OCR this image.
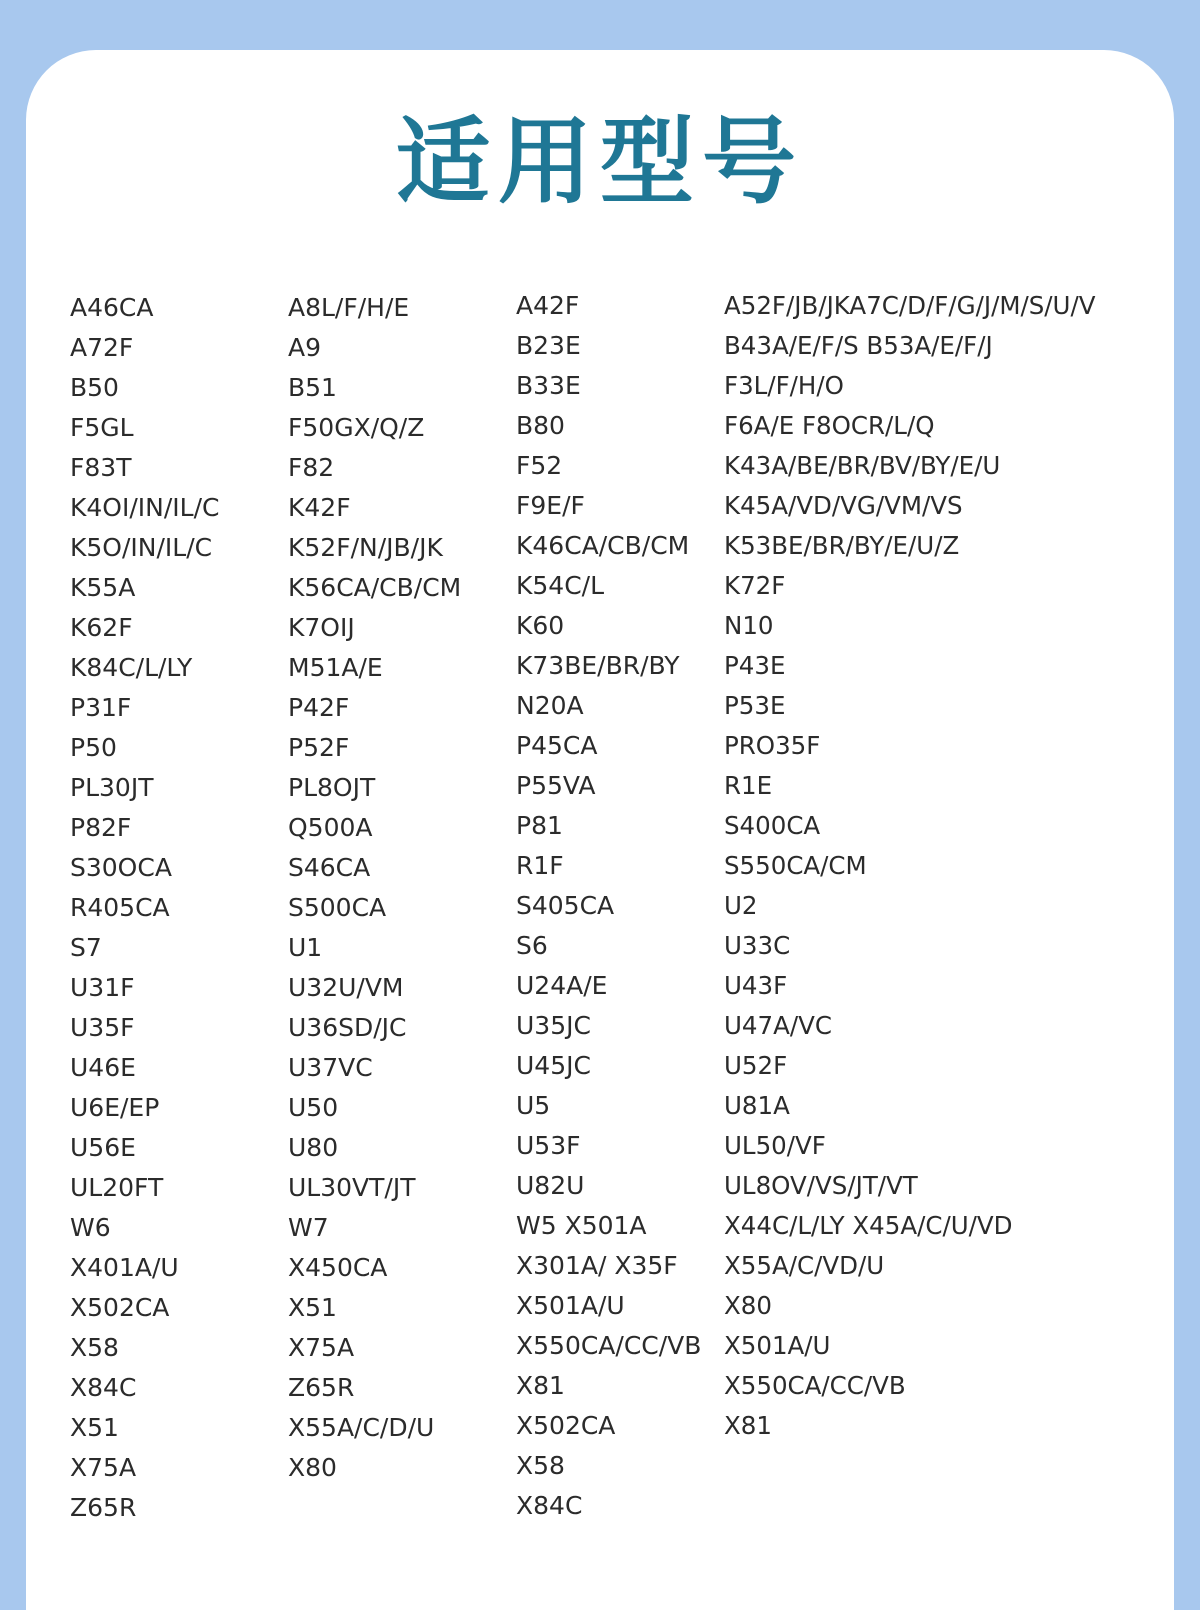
适用型号
A46CA
A72F
B50
F5GL
F83T
K4OI/IN/IL/C
K5O/IN/IL/C
K55A
K62F
K84C/L/LY
P31F
P50
PL30JT
P82F
S30OCA
R405CA
S7
U31F
U35F
U46E
U6E/EP
U56E
UL20FT
W6
X401A/U
X502CA
X58
X84C
X51
X75A
Z65R
A8L/F/H/E
A9
B51
F50GX/Q/Z
F82
K42F
K52F/N/JB/JK
K56CA/CB/CM
K7OIJ
M51A/E
P42F
P52F
PL8OJT
Q500A
S46CA
S500CA
U1
U32U/VM
U36SD/JC
U37VC
U50
U80
UL30VT/JT
W7
X450CA
X51
X75A
Z65R
X55A/C/D/U
X80
A42F
B23E
B33E
B80
F52
F9E/F
K46CA/CB/CM
K54C/L
K60
K73BE/BR/BY
N20A
P45CA
P55VA
P81
R1F
S405CA
S6
U24A/E
U35JC
U45JC
U5
U53F
U82U
W5 X501A
X301A/ X35F
X501A/U
X550CA/CC/VB
X81
X502CA
X58
X84C
A52F/JB/JKA7C/D/F/G/J/M/S/U/V
B43A/E/F/S B53A/E/F/J
F3L/F/H/O
F6A/E F8OCR/L/Q
K43A/BE/BR/BV/BY/E/U
K45A/VD/VG/VM/VS
K53BE/BR/BY/E/U/Z
K72F
N10
P43E
P53E
PRO35F
R1E
S400CA
S550CA/CM
U2
U33C
U43F
U47A/VC
U52F
U81A
UL50/VF
UL8OV/VS/JT/VT
X44C/L/LY X45A/C/U/VD
X55A/C/VD/U
X80
X501A/U
X550CA/CC/VB
X81
